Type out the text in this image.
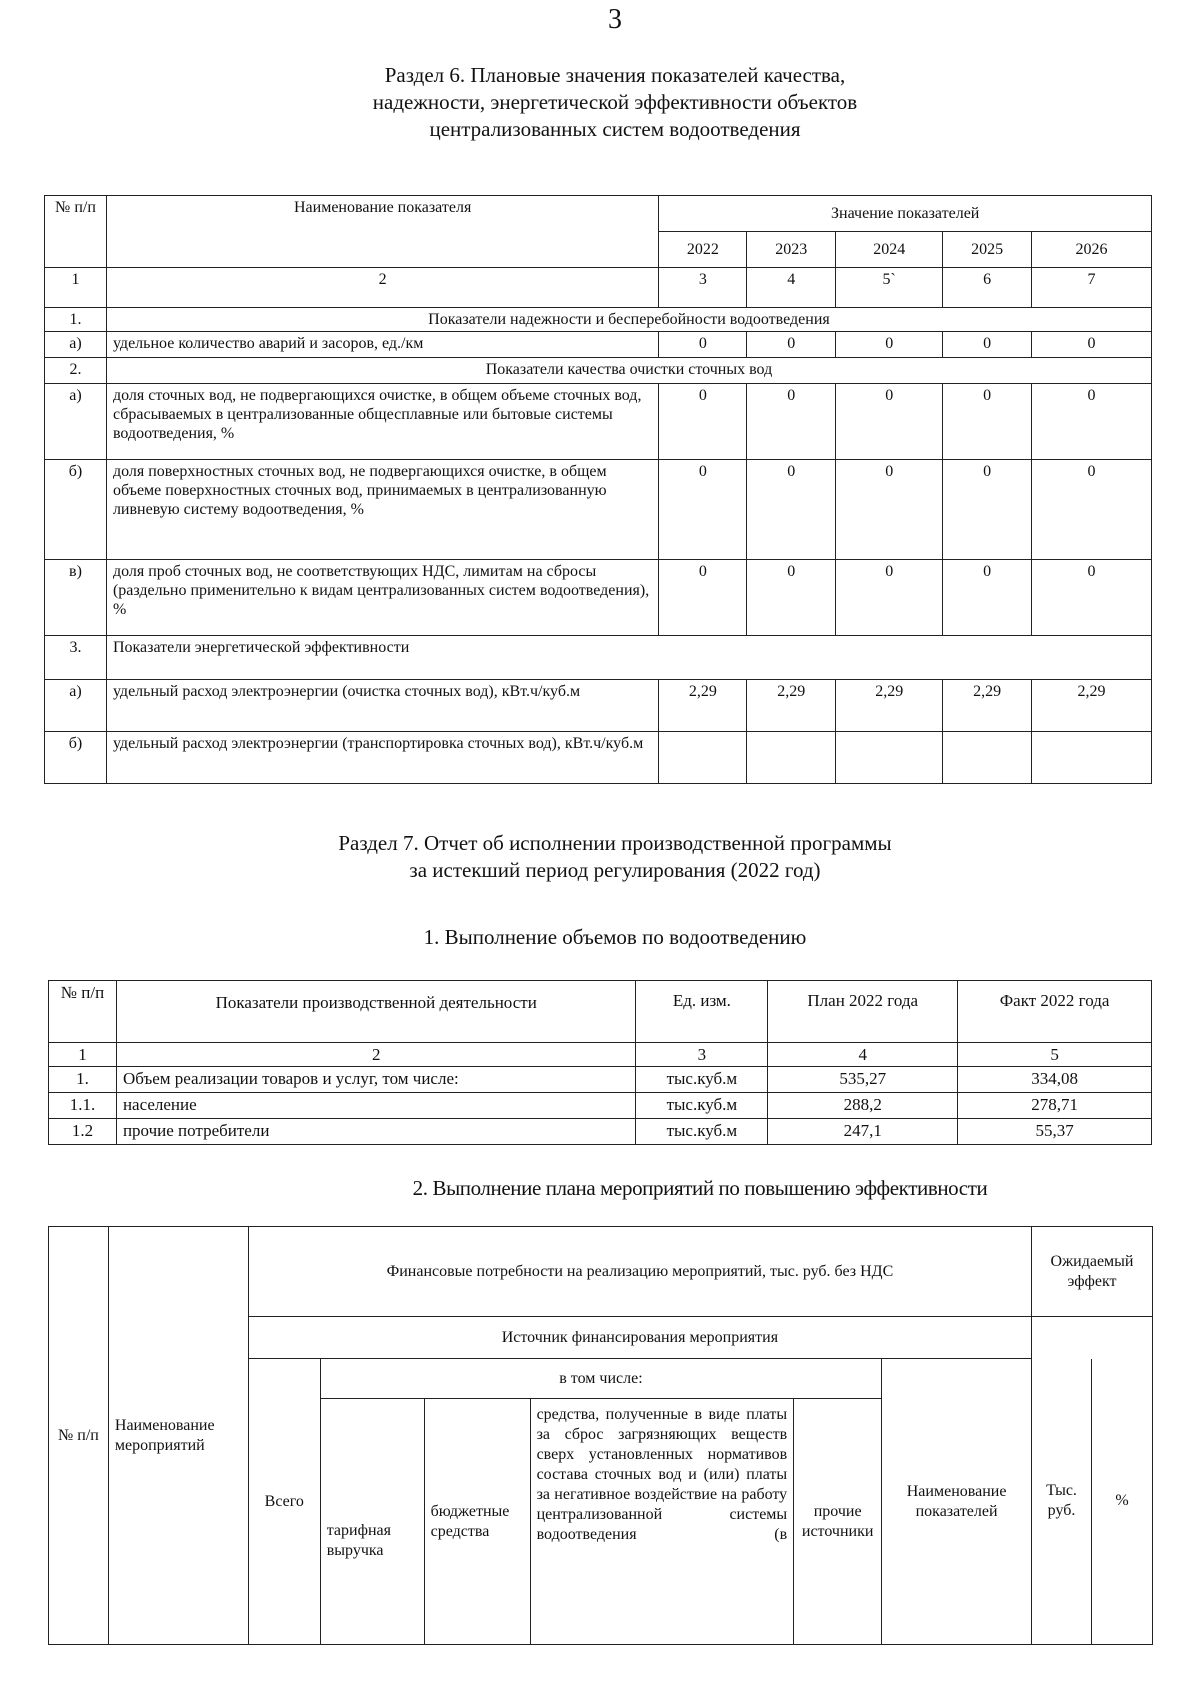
3
Раздел 6. Плановые значения показателей качества,
надежности, энергетической эффективности объектов
централизованных систем водоотведения
№ п/п	Наименование показателя	Значение показателей				
		2022	2023	2024	2025	2026
1	2	3	4	5`	6	7
1.	Показатели надежности и бесперебойности водоотведения					
а)	удельное количество аварий и засоров, ед./км	0	0	0	0	0
2.	Показатели качества очистки сточных вод					
а)	доля сточных вод, не подвергающихся очистке, в общем объеме сточных вод, сбрасываемых в централизованные общесплавные или бытовые системы водоотведения, %	0	0	0	0	0
б)	доля поверхностных сточных вод, не подвергающихся очистке, в общем объеме поверхностных сточных вод, принимаемых в централизованную ливневую систему водоотведения, %	0	0	0	0	0
в)	доля проб сточных вод, не соответствующих НДС, лимитам на сбросы (раздельно применительно к видам централизованных систем водоотведения), %	0	0	0	0	0
3.	Показатели энергетической эффективности					
а)	удельный расход электроэнергии (очистка сточных вод), кВт.ч/куб.м	2,29	2,29	2,29	2,29	2,29
б)	удельный расход электроэнергии (транспортировка сточных вод), кВт.ч/куб.м					
Раздел 7. Отчет об исполнении производственной программы
за истекший период регулирования (2022 год)
1. Выполнение объемов по водоотведению
№ п/п	Показатели производственной деятельности	Ед. изм.	План 2022 года	Факт 2022 года
1	2	3	4	5
1.	Объем реализации товаров и услуг, том числе:	тыс.куб.м	535,27	334,08
1.1.	население	тыс.куб.м	288,2	278,71
1.2	прочие потребители	тыс.куб.м	247,1	55,37
2. Выполнение плана мероприятий по повышению эффективности
№ п/п	Наименование мероприятий	Финансовые потребности на реализацию мероприятий, тыс. руб. без НДС						Ожидаемый эффект	
		Источник финансирования мероприятия							
		Всего	в том числе:				Наименование показателей	Тыс. руб.	%
			тарифная выручка	бюджетные средства	средства, полученные в виде платы за сброс загрязняющих веществ сверх установленных нормативов состава сточных вод и (или) платы за негативное воздействие на работу централизованной системы водоотведения (в	прочие источники			
